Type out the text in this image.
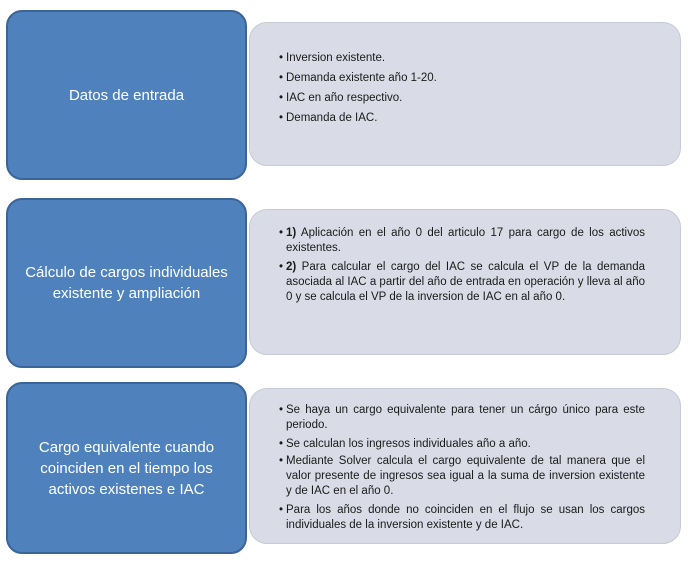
Datos de entrada
• Inversion existente.
• Demanda existente año 1-20.
• IAC en año respectivo.
• Demanda de IAC.
Cálculo de cargos individuales existente y ampliación
• 1) Aplicación en el año 0 del articulo 17 para cargo de los activos existentes.
• 2) Para calcular el cargo del IAC se calcula el VP de la demanda asociada al IAC a partir del año de entrada en operación y lleva al año 0 y se calcula el VP de la inversion de IAC en al año 0.
Cargo equivalente cuando coinciden en el tiempo los activos existenes e IAC
• Se haya un cargo equivalente para tener un cárgo único para este periodo.
• Se calculan los ingresos individuales año a año.
• Mediante Solver calcula el cargo equivalente de tal manera que el valor presente de ingresos sea igual a la suma de inversion existente y de IAC en el año 0.
• Para los años donde no coinciden en el flujo se usan los cargos individuales de la inversion existente y de IAC.
